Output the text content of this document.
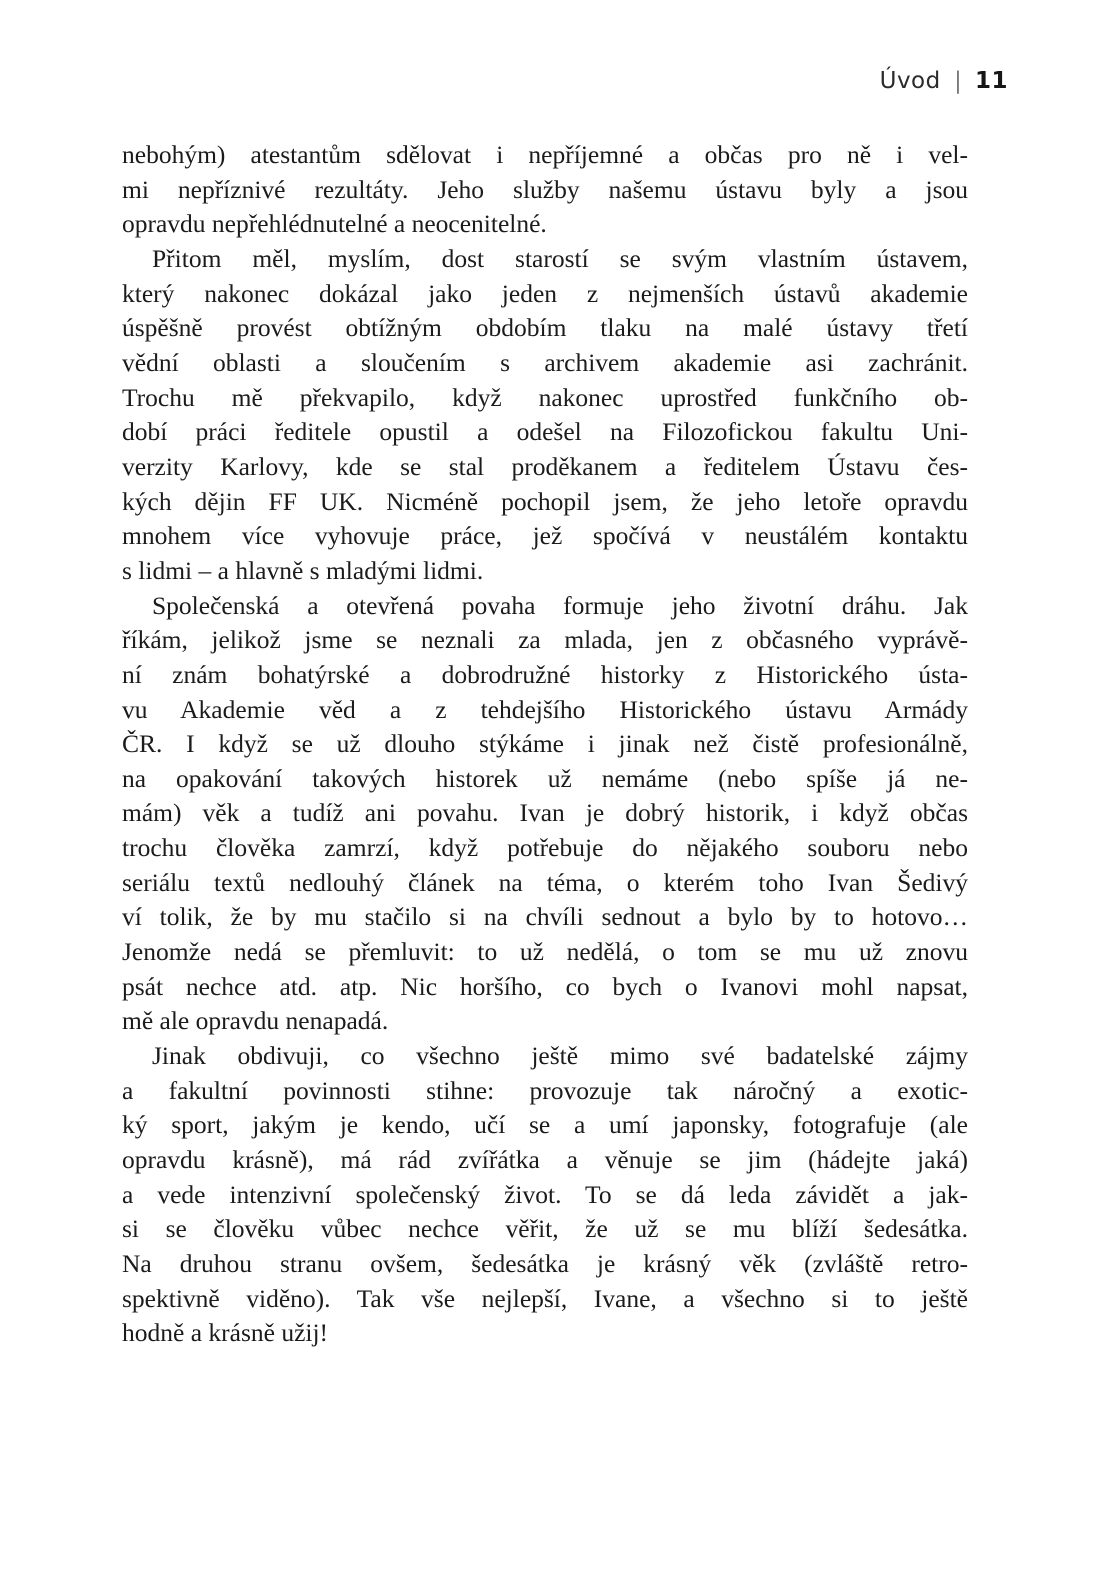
Úvod | 11
nebohým) atestantům sdělovat i nepříjemné a občas pro ně i vel-
mi nepříznivé rezultáty. Jeho služby našemu ústavu byly a jsou
opravdu nepřehlédnutelné a neocenitelné.
Přitom měl, myslím, dost starostí se svým vlastním ústavem,
který nakonec dokázal jako jeden z nejmenších ústavů akademie
úspěšně provést obtížným obdobím tlaku na malé ústavy třetí
vědní oblasti a sloučením s archivem akademie asi zachránit.
Trochu mě překvapilo, když nakonec uprostřed funkčního ob-
dobí práci ředitele opustil a odešel na Filozofickou fakultu Uni-
verzity Karlovy, kde se stal proděkanem a ředitelem Ústavu čes-
kých dějin FF UK. Nicméně pochopil jsem, že jeho letoře opravdu
mnohem více vyhovuje práce, jež spočívá v neustálém kontaktu
s lidmi – a hlavně s mladými lidmi.
Společenská a otevřená povaha formuje jeho životní dráhu. Jak
říkám, jelikož jsme se neznali za mlada, jen z občasného vyprávě-
ní znám bohatýrské a dobrodružné historky z Historického ústa-
vu Akademie věd a z tehdejšího Historického ústavu Armády
ČR. I když se už dlouho stýkáme i jinak než čistě profesionálně,
na opakování takových historek už nemáme (nebo spíše já ne-
mám) věk a tudíž ani povahu. Ivan je dobrý historik, i když občas
trochu člověka zamrzí, když potřebuje do nějakého souboru nebo
seriálu textů nedlouhý článek na téma, o kterém toho Ivan Šedivý
ví tolik, že by mu stačilo si na chvíli sednout a bylo by to hotovo…
Jenomže nedá se přemluvit: to už nedělá, o tom se mu už znovu
psát nechce atd. atp. Nic horšího, co bych o Ivanovi mohl napsat,
mě ale opravdu nenapadá.
Jinak obdivuji, co všechno ještě mimo své badatelské zájmy
a fakultní povinnosti stihne: provozuje tak náročný a exotic-
ký sport, jakým je kendo, učí se a umí japonsky, fotografuje (ale
opravdu krásně), má rád zvířátka a věnuje se jim (hádejte jaká)
a vede intenzivní společenský život. To se dá leda závidět a jak-
si se člověku vůbec nechce věřit, že už se mu blíží šedesátka.
Na druhou stranu ovšem, šedesátka je krásný věk (zvláště retro-
spektivně viděno). Tak vše nejlepší, Ivane, a všechno si to ještě
hodně a krásně užij!
